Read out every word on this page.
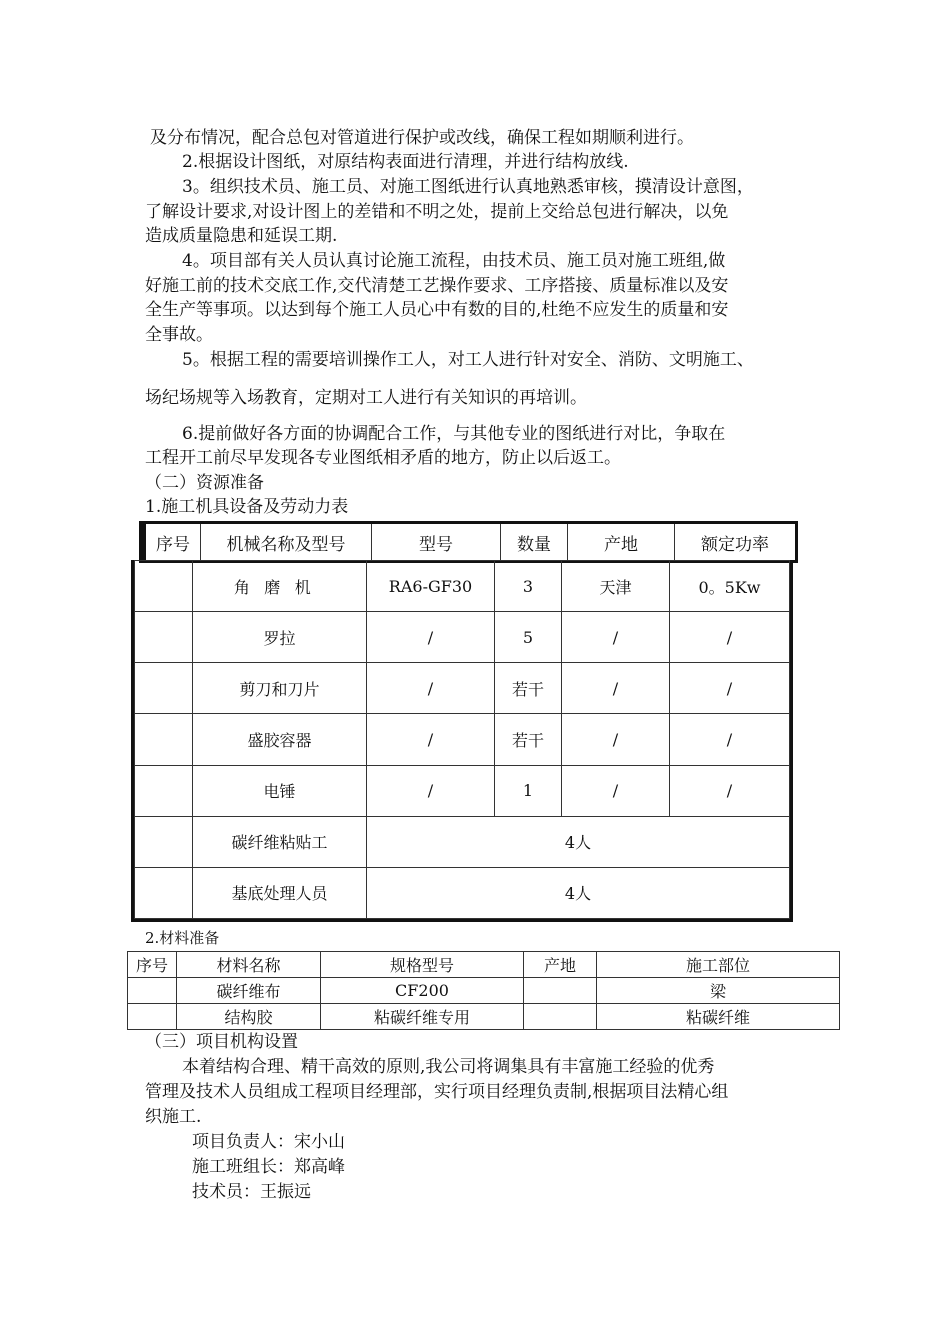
及分布情况，配合总包对管道进行保护或改线，确保工程如期顺利进行。
2.根据设计图纸，对原结构表面进行清理，并进行结构放线.
3。组织技术员、施工员、对施工图纸进行认真地熟悉审核，摸清设计意图，
了解设计要求,对设计图上的差错和不明之处，提前上交给总包进行解决，以免
造成质量隐患和延误工期.
4。项目部有关人员认真讨论施工流程，由技术员、施工员对施工班组,做
好施工前的技术交底工作,交代清楚工艺操作要求、工序搭接、质量标准以及安
全生产等事项。以达到每个施工人员心中有数的目的,杜绝不应发生的质量和安
全事故。
5。根据工程的需要培训操作工人，对工人进行针对安全、消防、文明施工、
场纪场规等入场教育，定期对工人进行有关知识的再培训。
6.提前做好各方面的协调配合工作，与其他专业的图纸进行对比，争取在
工程开工前尽早发现各专业图纸相矛盾的地方，防止以后返工。
（二）资源准备
1.施工机具设备及劳动力表
序号	机械名称及型号	型号	数量	产地	额定功率
	角磨机	RA6-GF30	3	天津	0。5Kw
	罗拉	/	5	/	/
	剪刀和刀片	/	若干	/	/
	盛胶容器	/	若干	/	/
	电锤	/	1	/	/
	碳纤维粘贴工	4人			
	基底处理人员	4人			
2.材料准备
序号	材料名称	规格型号	产地	施工部位
	碳纤维布	CF200		梁
	结构胶	粘碳纤维专用		粘碳纤维
（三）项目机构设置
本着结构合理、精干高效的原则,我公司将调集具有丰富施工经验的优秀
管理及技术人员组成工程项目经理部，实行项目经理负责制,根据项目法精心组
织施工.
项目负责人：宋小山
施工班组长：郑高峰
技术员：王振远
